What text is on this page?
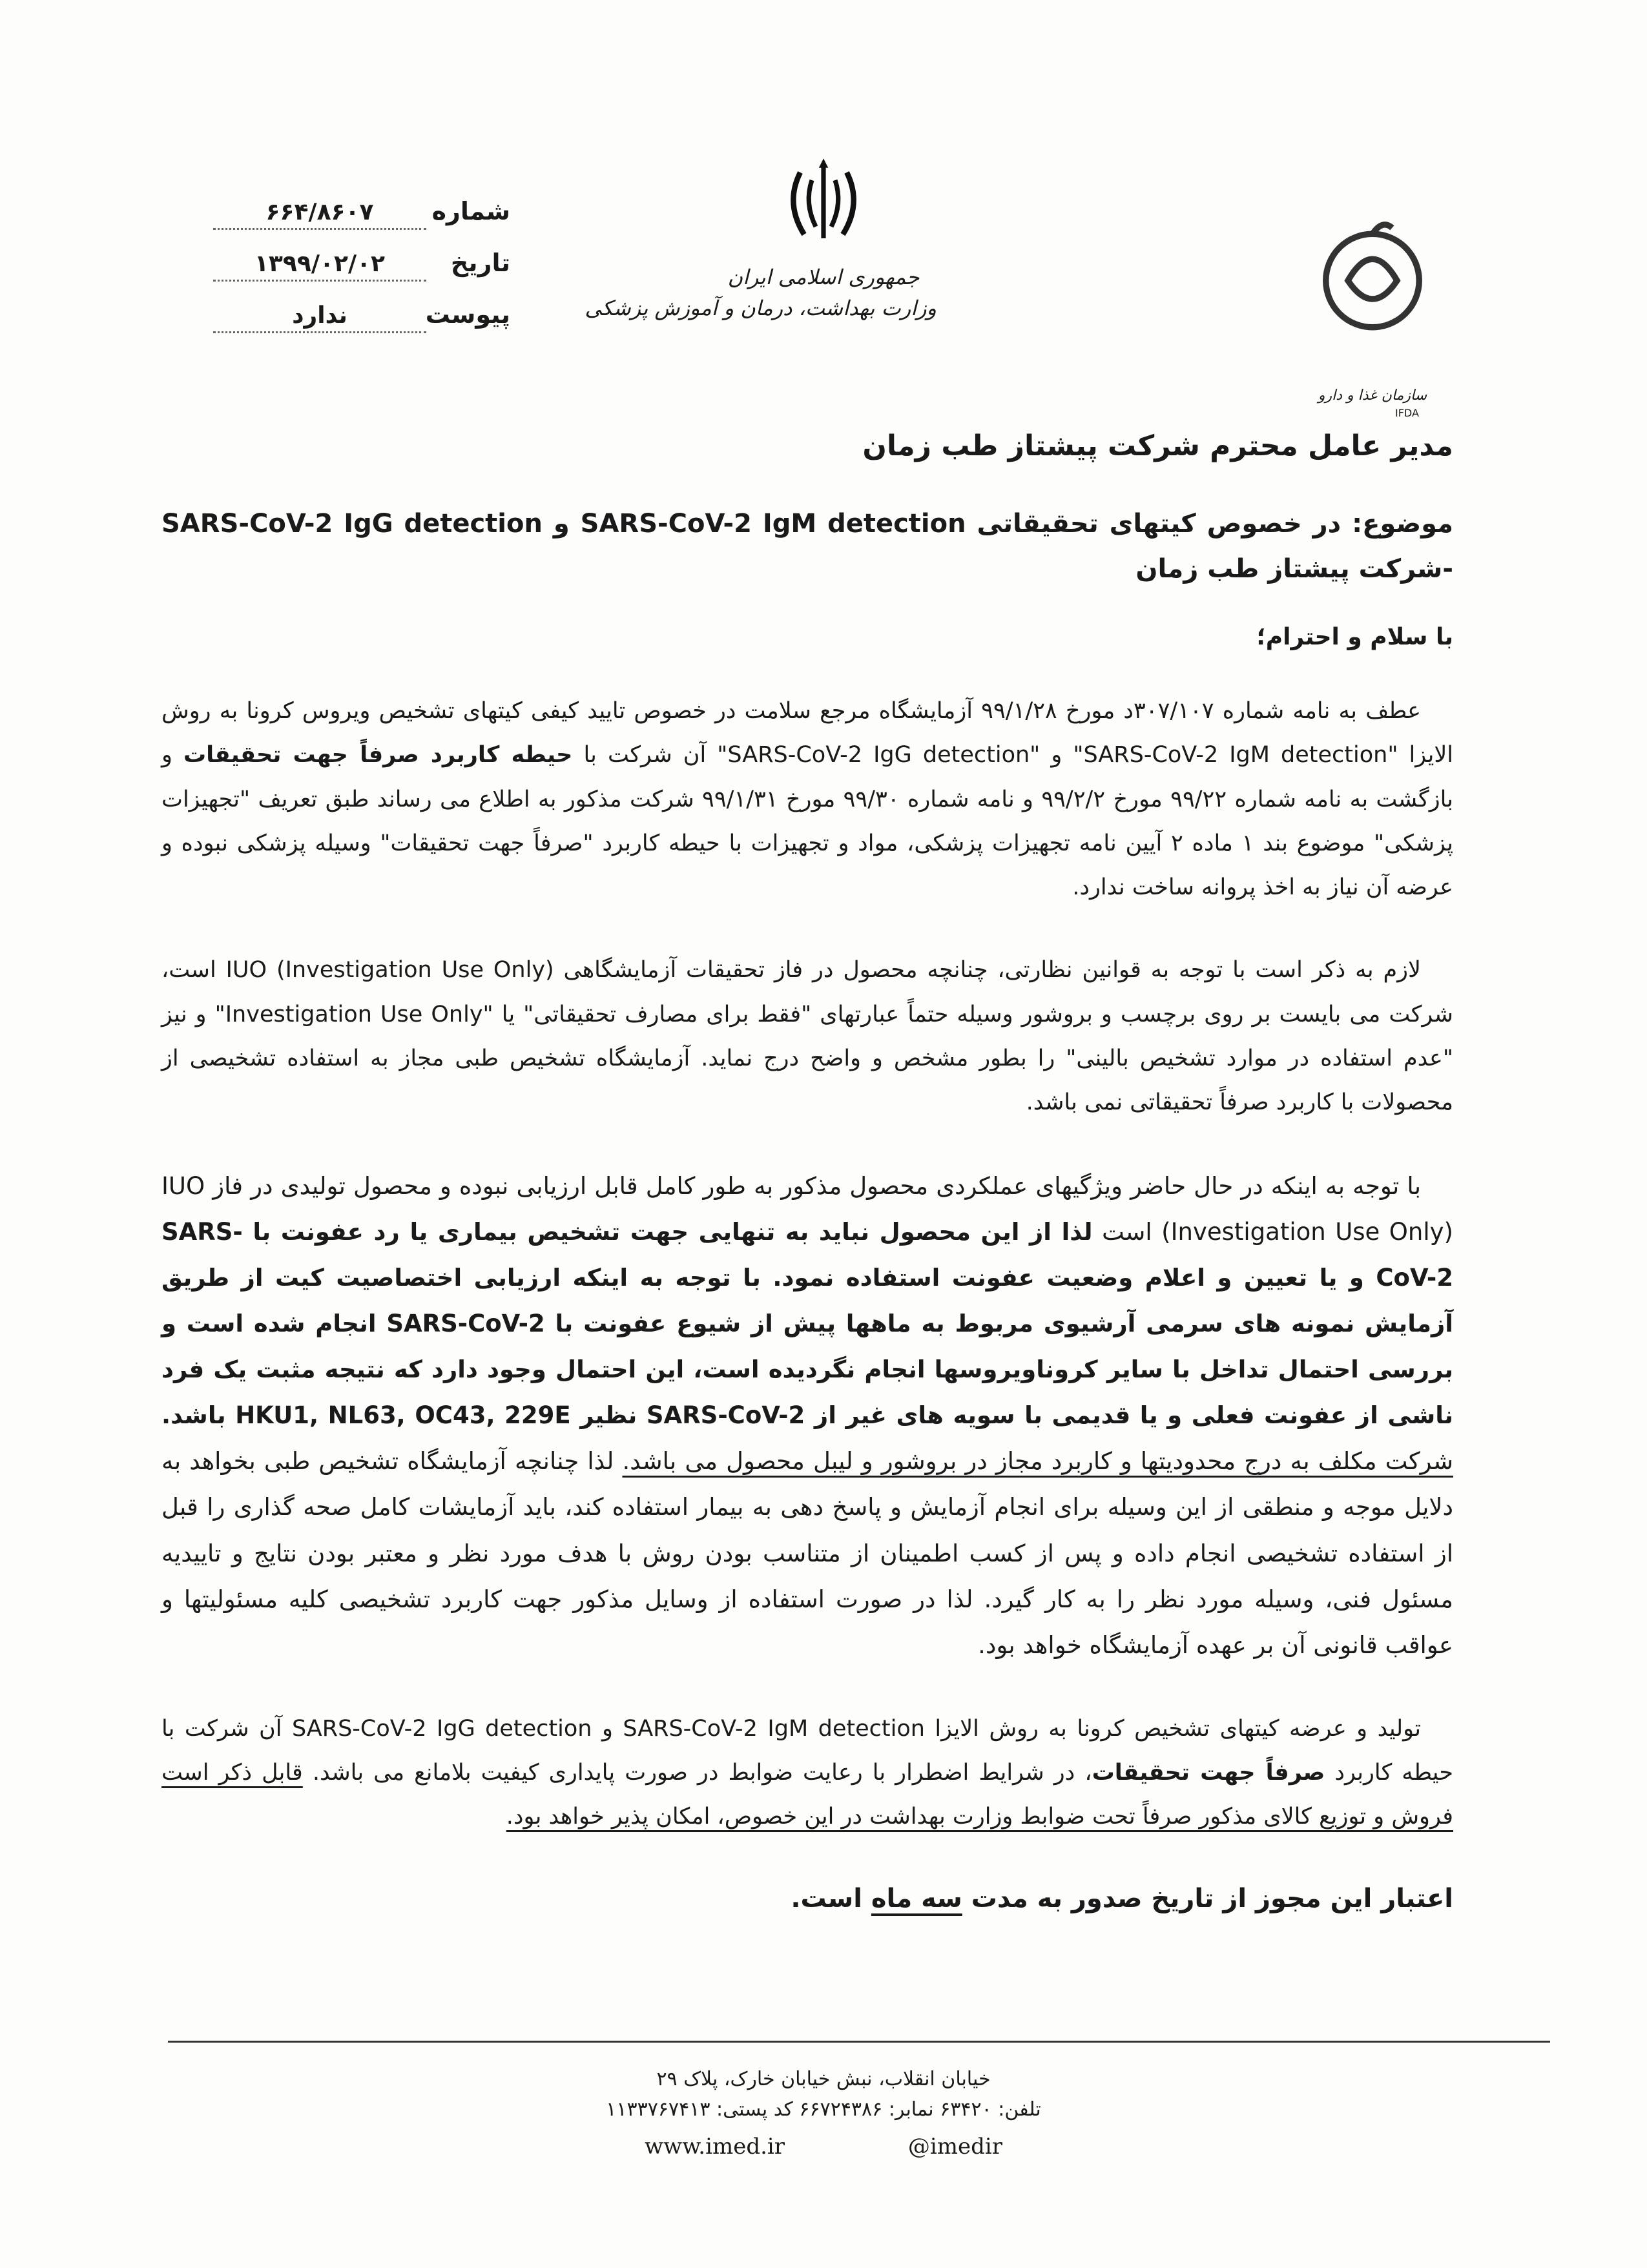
سازمان غذا و دارو
IFDA
جمهوری اسلامی ایران
وزارت بهداشت، درمان و آموزش پزشکی
شماره
۶۶۴/۸۶۰۷
تاریخ
۱۳۹۹/۰۲/۰۲
پیوست
ندارد
مدیر عامل محترم شرکت پیشتاز طب زمان
موضوع: در خصوص کیتهای تحقیقاتی SARS-CoV-2 IgM detection و SARS-CoV-2 IgG detection -شرکت پیشتاز طب زمان
با سلام و احترام؛

عطف به نامه شماره ۳۰۷/۱۰۷د مورخ ۹۹/۱/۲۸ آزمایشگاه مرجع سلامت در خصوص تایید کیفی کیتهای تشخیص ویروس کرونا به روش الایزا "SARS-CoV-2 IgM detection" و "SARS-CoV-2 IgG detection" آن شرکت با حیطه کاربرد صرفاً جهت تحقیقات و بازگشت به نامه شماره ۹۹/۲۲ مورخ ۹۹/۲/۲ و نامه شماره ۹۹/۳۰ مورخ ۹۹/۱/۳۱ شرکت مذکور به اطلاع می رساند طبق تعریف "تجهیزات پزشکی" موضوع بند ۱ ماده ۲ آیین نامه تجهیزات پزشکی، مواد و تجهیزات با حیطه کاربرد "صرفاً جهت تحقیقات" وسیله پزشکی نبوده و عرضه آن نیاز به اخذ پروانه ساخت ندارد.

لازم به ذکر است با توجه به قوانین نظارتی، چنانچه محصول در فاز تحقیقات آزمایشگاهی IUO (Investigation Use Only) است، شرکت می بایست بر روی برچسب و بروشور وسیله حتماً عبارتهای "فقط برای مصارف تحقیقاتی" یا "Investigation Use Only" و نیز "عدم استفاده در موارد تشخیص بالینی" را بطور مشخص و واضح درج نماید. آزمایشگاه تشخیص طبی مجاز به استفاده تشخیصی از محصولات با کاربرد صرفاً تحقیقاتی نمی باشد.

با توجه به اینکه در حال حاضر ویژگیهای عملکردی محصول مذکور به طور کامل قابل ارزیابی نبوده و محصول تولیدی در فاز IUO (Investigation Use Only) است لذا از این محصول نباید به تنهایی جهت تشخیص بیماری یا رد عفونت با SARS-CoV-2 و یا تعیین و اعلام وضعیت عفونت استفاده نمود. با توجه به اینکه ارزیابی اختصاصیت کیت از طریق آزمایش نمونه های سرمی آرشیوی مربوط به ماهها پیش از شیوع عفونت با SARS-CoV-2 انجام شده است و بررسی احتمال تداخل با سایر کروناویروسها انجام نگردیده است، این احتمال وجود دارد که نتیجه مثبت یک فرد ناشی از عفونت فعلی و یا قدیمی با سویه های غیر از SARS-CoV-2 نظیر HKU1, NL63, OC43, 229E باشد. شرکت مکلف به درج محدودیتها و کاربرد مجاز در بروشور و لیبل محصول می باشد. لذا چنانچه آزمایشگاه تشخیص طبی بخواهد به دلایل موجه و منطقی از این وسیله برای انجام آزمایش و پاسخ دهی به بیمار استفاده کند، باید آزمایشات کامل صحه گذاری را قبل از استفاده تشخیصی انجام داده و پس از کسب اطمینان از متناسب بودن روش با هدف مورد نظر و معتبر بودن نتایج و تاییدیه مسئول فنی، وسیله مورد نظر را به کار گیرد. لذا در صورت استفاده از وسایل مذکور جهت کاربرد تشخیصی کلیه مسئولیتها و عواقب قانونی آن بر عهده آزمایشگاه خواهد بود.

تولید و عرضه کیتهای تشخیص کرونا به روش الایزا SARS-CoV-2 IgM detection و SARS-CoV-2 IgG detection آن شرکت با حیطه کاربرد صرفاً جهت تحقیقات، در شرایط اضطرار با رعایت ضوابط در صورت پایداری کیفیت بلامانع می باشد. قابل ذکر است فروش و توزیع کالای مذکور صرفاً تحت ضوابط وزارت بهداشت در این خصوص، امکان پذیر خواهد بود.

اعتبار این مجوز از تاریخ صدور به مدت سه ماه است.
خیابان انقلاب، نبش خیابان خارک، پلاک ۲۹
تلفن: ۶۳۴۲۰ نمابر: ۶۶۷۲۴۳۸۶ کد پستی: ۱۱۳۳۷۶۷۴۱۳
www.imed.ir	@imedir
